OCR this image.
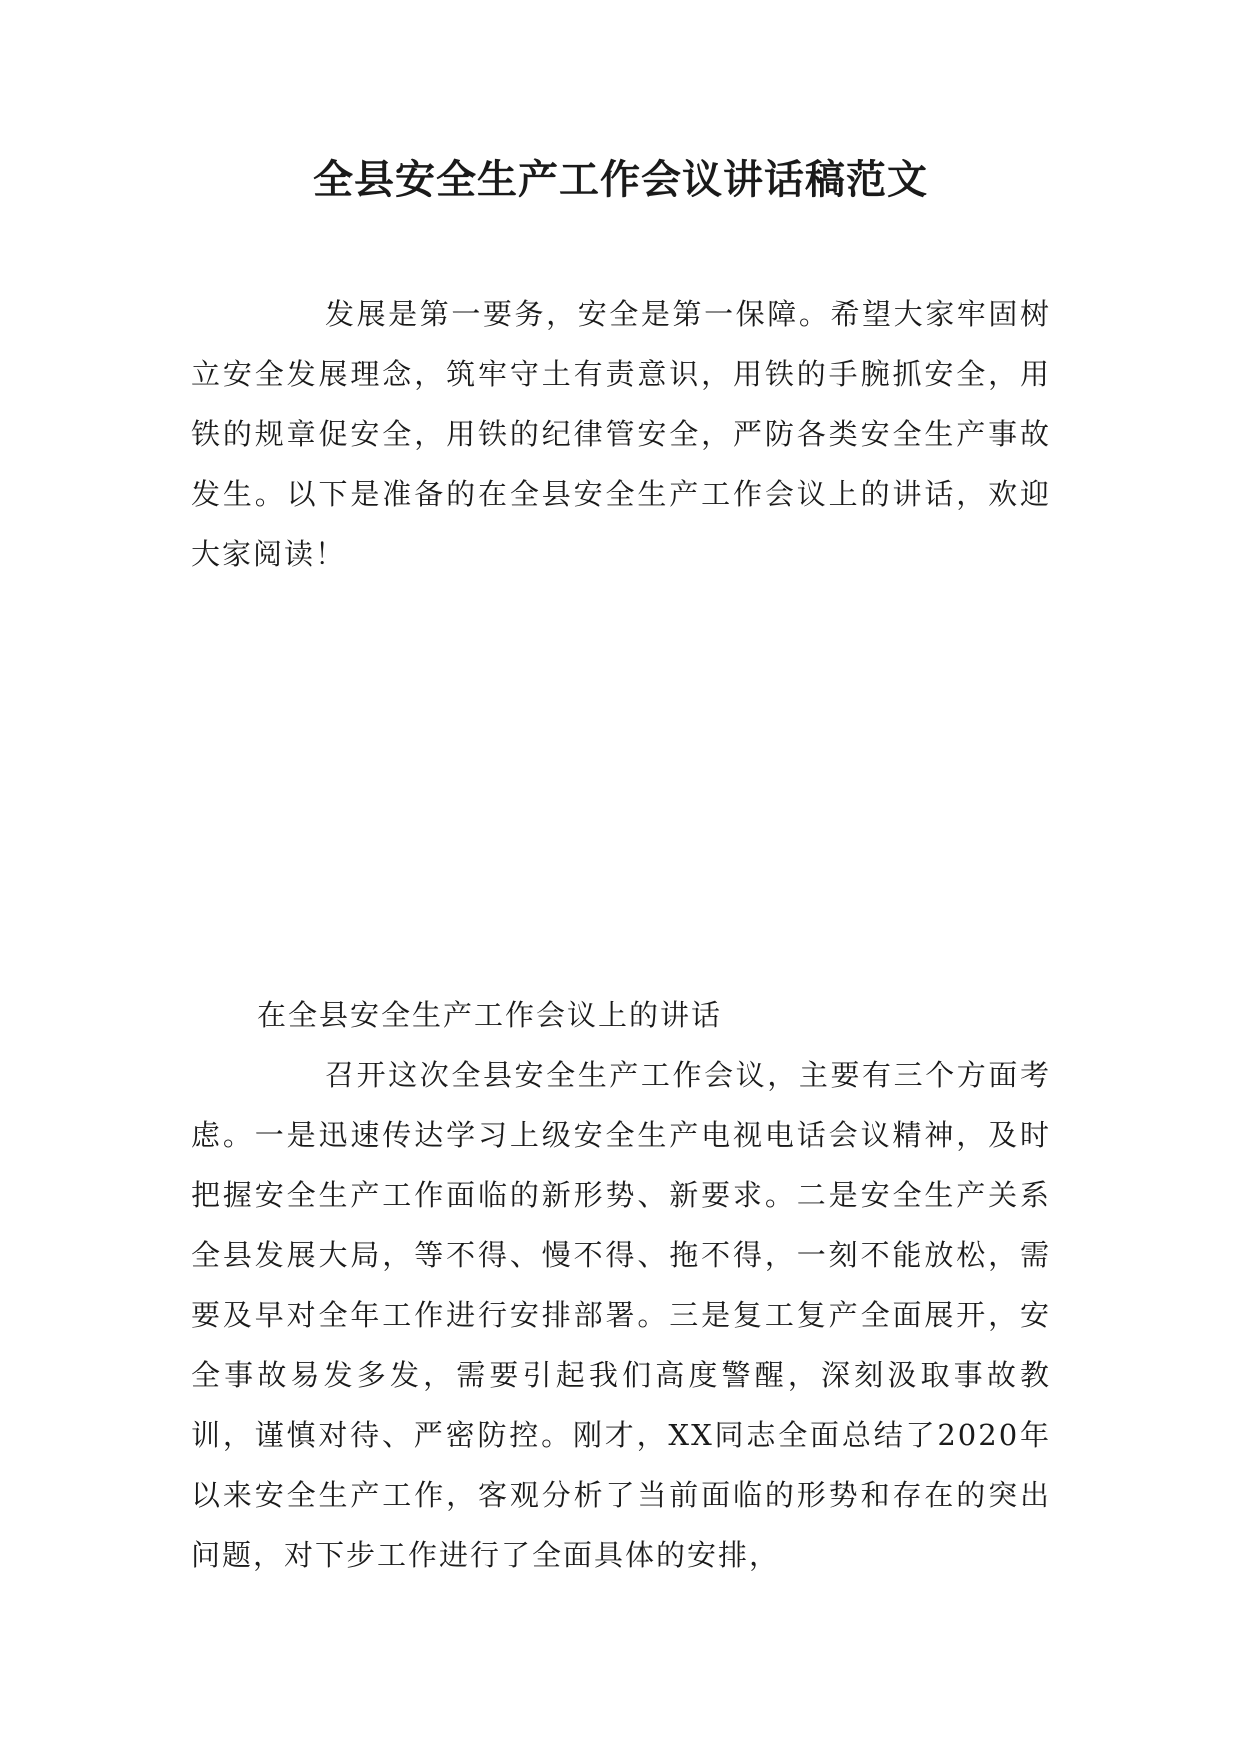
全县安全生产工作会议讲话稿范文

发展是第一要务，安全是第一保障。希望大家牢固树立安全发展理念，筑牢守土有责意识，用铁的手腕抓安全，用铁的规章促安全，用铁的纪律管安全，严防各类安全生产事故发生。以下是准备的在全县安全生产工作会议上的讲话，欢迎大家阅读！

在全县安全生产工作会议上的讲话

召开这次全县安全生产工作会议，主要有三个方面考虑。一是迅速传达学习上级安全生产电视电话会议精神，及时把握安全生产工作面临的新形势、新要求。二是安全生产关系全县发展大局，等不得、慢不得、拖不得，一刻不能放松，需要及早对全年工作进行安排部署。三是复工复产全面展开，安全事故易发多发，需要引起我们高度警醒，深刻汲取事故教训，谨慎对待、严密防控。刚才，XX同志全面总结了2020年以来安全生产工作，客观分析了当前面临的形势和存在的突出问题，对下步工作进行了全面具体的安排，
